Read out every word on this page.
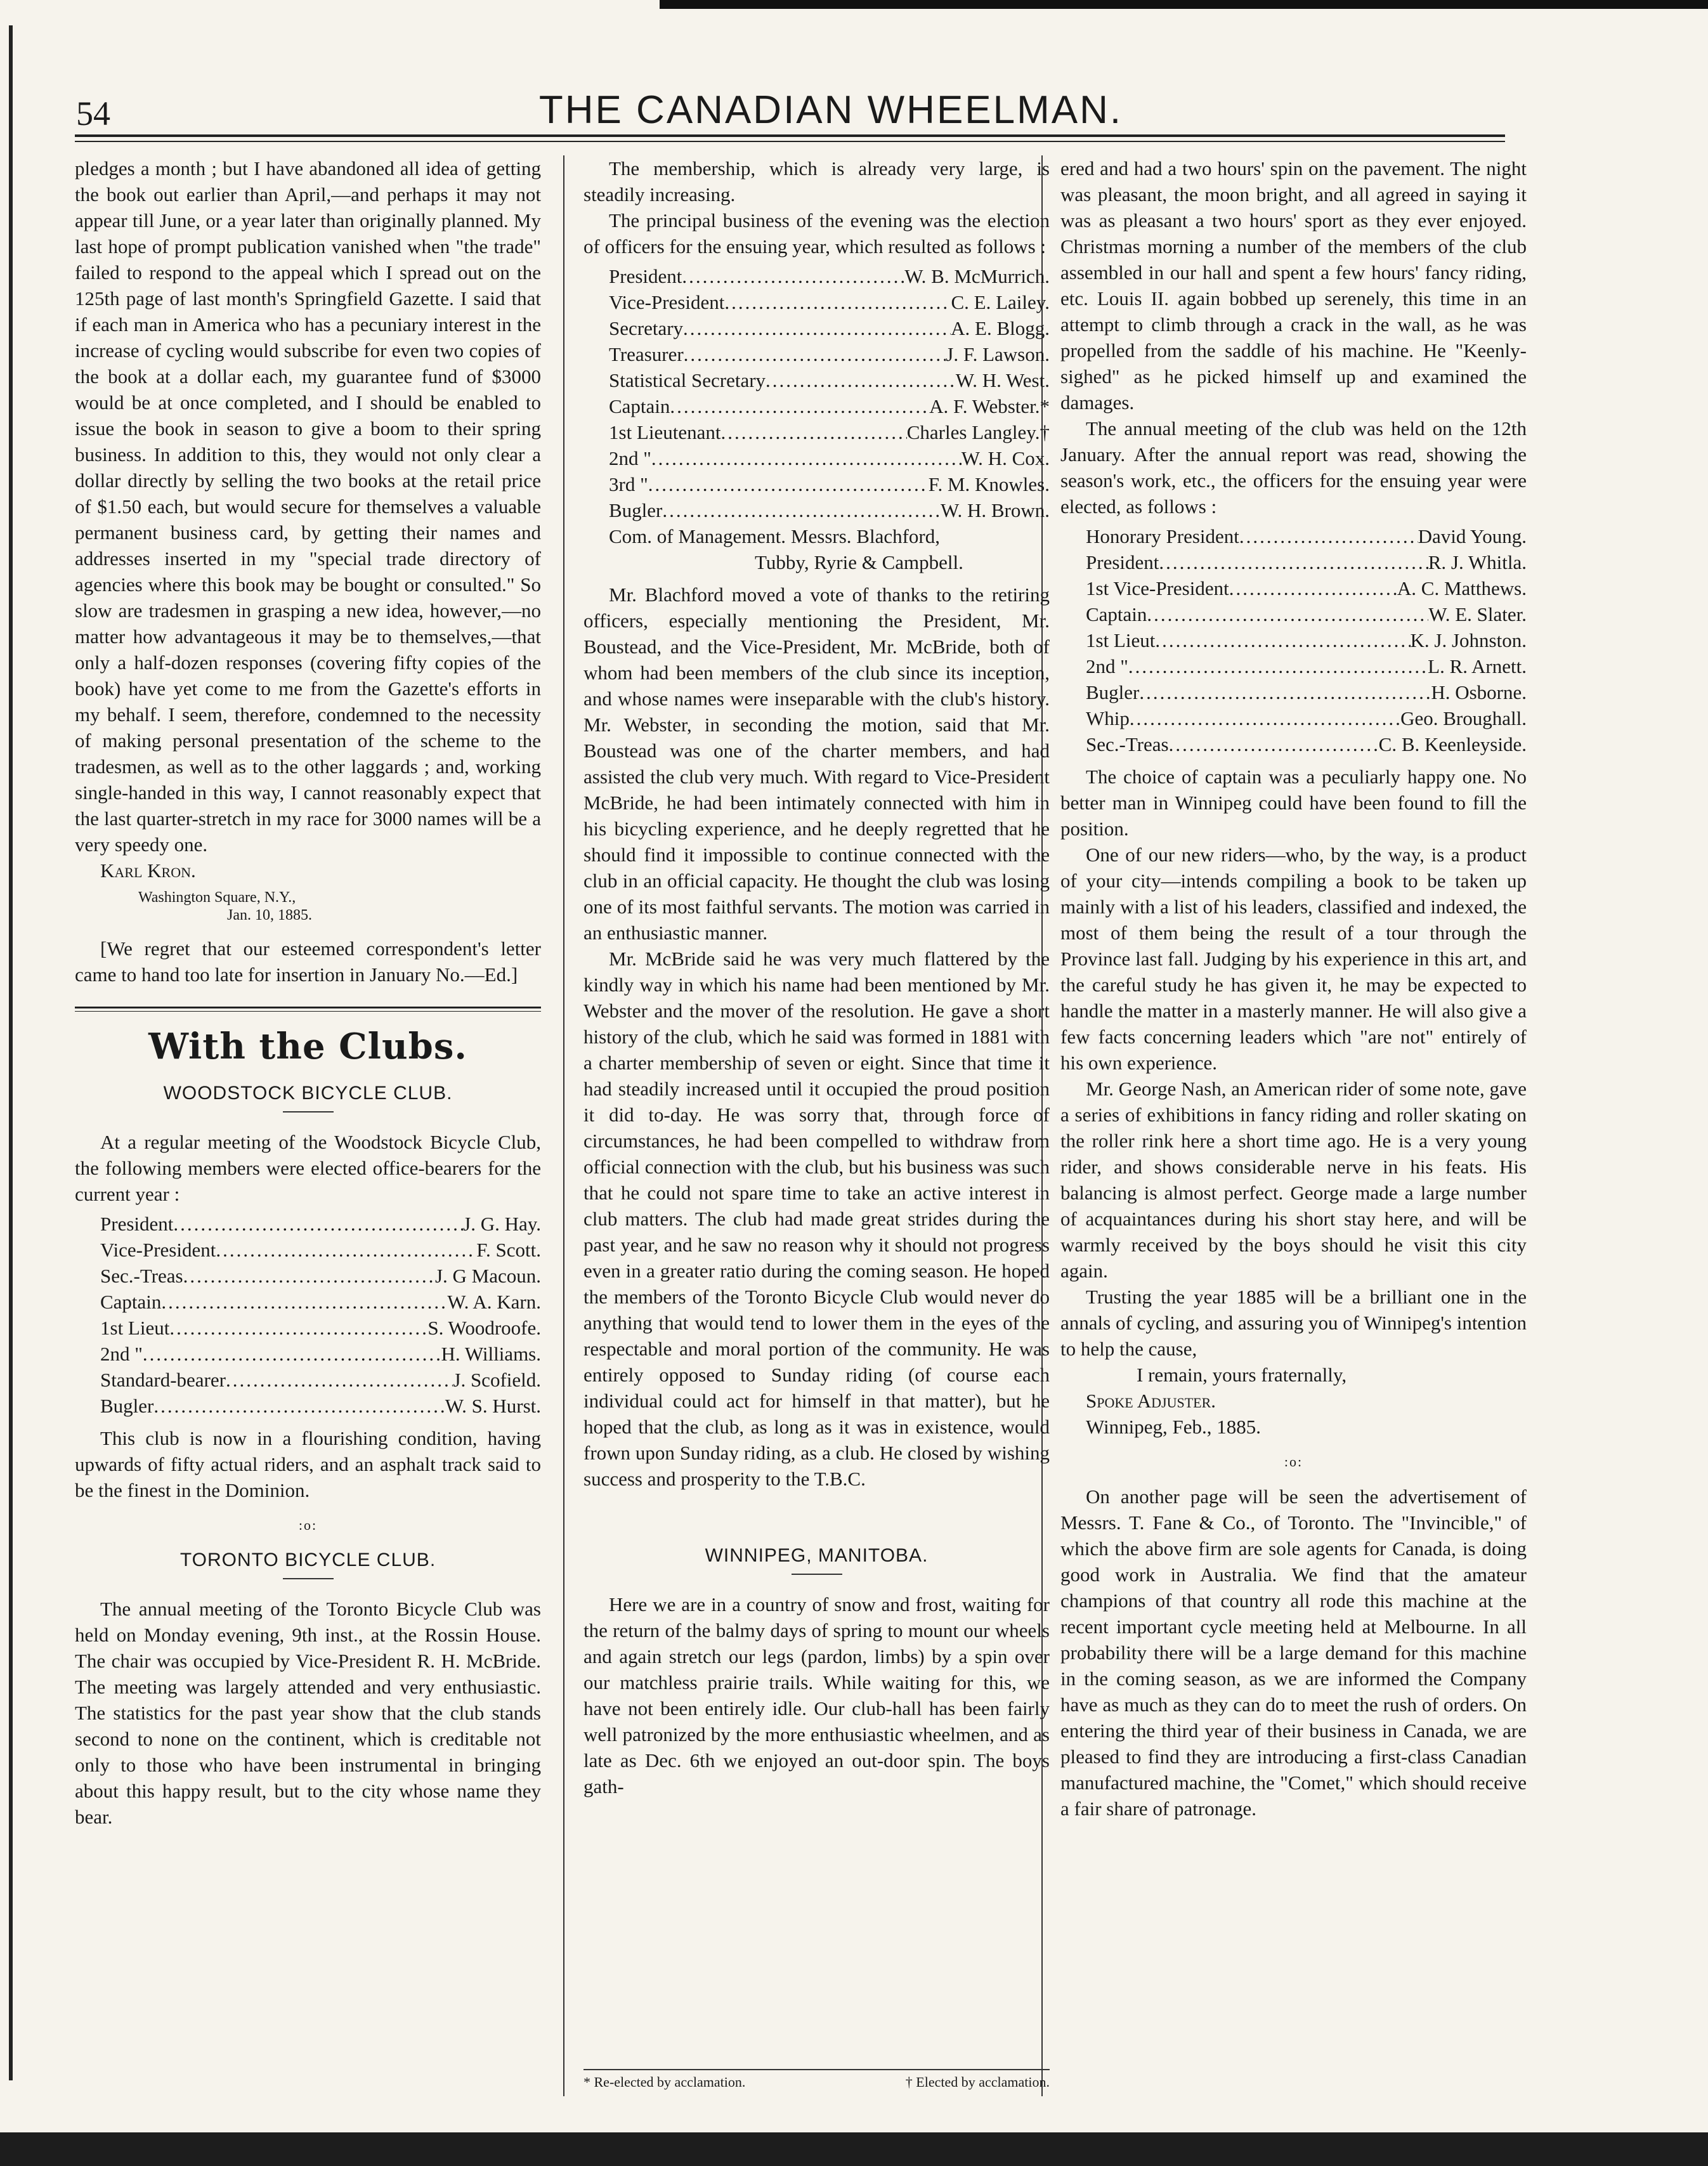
54	THE CANADIAN WHEELMAN.

pledges a month ; but I have abandoned all idea of getting the book out earlier than April,—and perhaps it may not appear till June, or a year later than originally planned. My last hope of prompt publication vanished when "the trade" failed to respond to the appeal which I spread out on the 125th page of last month's Springfield Gazette. I said that if each man in America who has a pecuniary interest in the increase of cycling would subscribe for even two copies of the book at a dollar each, my guarantee fund of $3000 would be at once completed, and I should be enabled to issue the book in season to give a boom to their spring business. In addition to this, they would not only clear a dollar directly by selling the two books at the retail price of $1.50 each, but would secure for themselves a valuable permanent business card, by getting their names and addresses inserted in my "special trade directory of agencies where this book may be bought or consulted." So slow are tradesmen in grasping a new idea, however,—no matter how advantageous it may be to themselves,—that only a half-dozen responses (covering fifty copies of the book) have yet come to me from the Gazette's efforts in my behalf. I seem, therefore, condemned to the necessity of making personal presentation of the scheme to the tradesmen, as well as to the other laggards ; and, working single-handed in this way, I cannot reasonably expect that the last quarter-stretch in my race for 3000 names will be a very speedy one.

Karl Kron.

Washington Square, N.Y.,
Jan. 10, 1885.

[We regret that our esteemed correspondent's letter came to hand too late for insertion in January No.—Ed.]

With the Clubs.
WOODSTOCK BICYCLE CLUB.

At a regular meeting of the Woodstock Bicycle Club, the following members were elected office-bearers for the current year :

President .....	J. G. Hay.
Vice-President .....	F. Scott.
Sec.-Treas .....	J. G Macoun.
Captain .....	W. A. Karn.
1st Lieut .....	S. Woodroofe.
2nd " .....	H. Williams.
Standard-bearer .....	J. Scofield.
Bugler .....	W. S. Hurst.

This club is now in a flourishing condition, having upwards of fifty actual riders, and an asphalt track said to be the finest in the Dominion.

:o:
TORONTO BICYCLE CLUB.

The annual meeting of the Toronto Bicycle Club was held on Monday evening, 9th inst., at the Rossin House. The chair was occupied by Vice-President R. H. McBride. The meeting was largely attended and very enthusiastic. The statistics for the past year show that the club stands second to none on the continent, which is creditable not only to those who have been instrumental in bringing about this happy result, but to the city whose name they bear.

The membership, which is already very large, is steadily increasing.

The principal business of the evening was the election of officers for the ensuing year, which resulted as follows :

President .....	W. B. McMurrich.
Vice-President .....	C. E. Lailey.
Secretary .....	A. E. Blogg.
Treasurer .....	J. F. Lawson.
Statistical Secretary .....	W. H. West.
Captain .....	A. F. Webster.*
1st Lieutenant .....	Charles Langley.†
2nd " .....	W. H. Cox.
3rd " .....	F. M. Knowles.
Bugler .....	W. H. Brown.
Com. of Management. Messrs. Blachford,
Tubby, Ryrie & Campbell.

Mr. Blachford moved a vote of thanks to the retiring officers, especially mentioning the President, Mr. Boustead, and the Vice-President, Mr. McBride, both of whom had been members of the club since its inception, and whose names were inseparable with the club's history. Mr. Webster, in seconding the motion, said that Mr. Boustead was one of the charter members, and had assisted the club very much. With regard to Vice-President McBride, he had been intimately connected with him in his bicycling experience, and he deeply regretted that he should find it impossible to continue connected with the club in an official capacity. He thought the club was losing one of its most faithful servants. The motion was carried in an enthusiastic manner.

Mr. McBride said he was very much flattered by the kindly way in which his name had been mentioned by Mr. Webster and the mover of the resolution. He gave a short history of the club, which he said was formed in 1881 with a charter membership of seven or eight. Since that time it had steadily increased until it occupied the proud position it did to-day. He was sorry that, through force of circumstances, he had been compelled to withdraw from official connection with the club, but his business was such that he could not spare time to take an active interest in club matters. The club had made great strides during the past year, and he saw no reason why it should not progress even in a greater ratio during the coming season. He hoped the members of the Toronto Bicycle Club would never do anything that would tend to lower them in the eyes of the respectable and moral portion of the community. He was entirely opposed to Sunday riding (of course each individual could act for himself in that matter), but he hoped that the club, as long as it was in existence, would frown upon Sunday riding, as a club. He closed by wishing success and prosperity to the T.B.C.

WINNIPEG, MANITOBA.

Here we are in a country of snow and frost, waiting for the return of the balmy days of spring to mount our wheels and again stretch our legs (pardon, limbs) by a spin over our matchless prairie trails. While waiting for this, we have not been entirely idle. Our club-hall has been fairly well patronized by the more enthusiastic wheelmen, and as late as Dec. 6th we enjoyed an out-door spin. The boys gath-

* Re-elected by acclamation.	† Elected by acclamation.

ered and had a two hours' spin on the pavement. The night was pleasant, the moon bright, and all agreed in saying it was as pleasant a two hours' sport as they ever enjoyed. Christmas morning a number of the members of the club assembled in our hall and spent a few hours' fancy riding, etc. Louis II. again bobbed up serenely, this time in an attempt to climb through a crack in the wall, as he was propelled from the saddle of his machine. He "Keenly-sighed" as he picked himself up and examined the damages.

The annual meeting of the club was held on the 12th January. After the annual report was read, showing the season's work, etc., the officers for the ensuing year were elected, as follows :

Honorary President .....	David Young.
President .....	R. J. Whitla.
1st Vice-President .....	A. C. Matthews.
Captain .....	W. E. Slater.
1st Lieut .....	K. J. Johnston.
2nd " .....	L. R. Arnett.
Bugler .....	H. Osborne.
Whip .....	Geo. Broughall.
Sec.-Treas .....	C. B. Keenleyside.

The choice of captain was a peculiarly happy one. No better man in Winnipeg could have been found to fill the position.

One of our new riders—who, by the way, is a product of your city—intends compiling a book to be taken up mainly with a list of his leaders, classified and indexed, the most of them being the result of a tour through the Province last fall. Judging by his experience in this art, and the careful study he has given it, he may be expected to handle the matter in a masterly manner. He will also give a few facts concerning leaders which "are not" entirely of his own experience.

Mr. George Nash, an American rider of some note, gave a series of exhibitions in fancy riding and roller skating on the roller rink here a short time ago. He is a very young rider, and shows considerable nerve in his feats. His balancing is almost perfect. George made a large number of acquaintances during his short stay here, and will be warmly received by the boys should he visit this city again.

Trusting the year 1885 will be a brilliant one in the annals of cycling, and assuring you of Winnipeg's intention to help the cause,

I remain, yours fraternally,

Spoke Adjuster.

Winnipeg, Feb., 1885.

:o:

On another page will be seen the advertisement of Messrs. T. Fane & Co., of Toronto. The "Invincible," of which the above firm are sole agents for Canada, is doing good work in Australia. We find that the amateur champions of that country all rode this machine at the recent important cycle meeting held at Melbourne. In all probability there will be a large demand for this machine in the coming season, as we are informed the Company have as much as they can do to meet the rush of orders. On entering the third year of their business in Canada, we are pleased to find they are introducing a first-class Canadian manufactured machine, the "Comet," which should receive a fair share of patronage.
